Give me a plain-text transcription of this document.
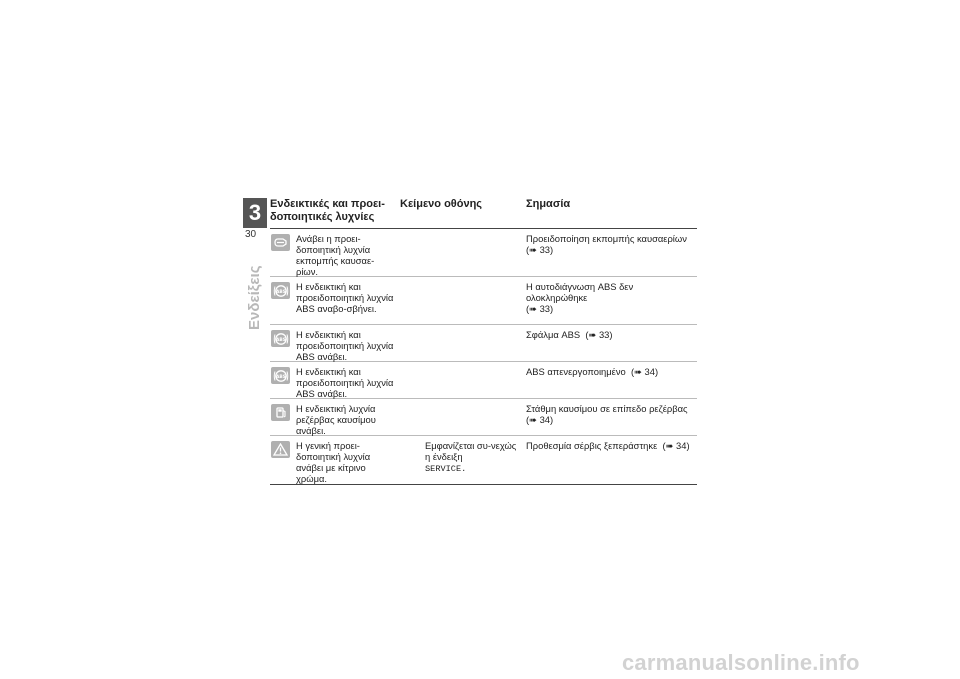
3
30
Ενδείξεις
Ενδεικτικές και προει-δοποιητικές λυχνίες
Κείμενο οθόνης	Σημασία
Ανάβει η προει-δοποιητική λυχνία εκπομπής καυσαε-ρίων.
Προειδοποίηση εκπομπής καυσαερίων
(➠ 33)
ABS Η ενδεικτική και προειδοποιητική λυχνία ABS αναβο-σβήνει.
Η αυτοδιάγνωση ABS δεν ολοκληρώθηκε
(➠ 33)
ABS Η ενδεικτική και προειδοποιητική λυχνία ABS ανάβει.
Σφάλμα ABS (➠ 33)
ABS Η ενδεικτική και προειδοποιητική λυχνία ABS ανάβει.
ABS απενεργοποιημένο (➠ 34)
Η ενδεικτική λυχνία ρεζέρβας καυσίμου ανάβει.
Στάθμη καυσίμου σε επίπεδο ρεζέρβας
(➠ 34)
Η γενική προει-δοποιητική λυχνία ανάβει με κίτρινο χρώμα.
Εμφανίζεται συ-νεχώς η ένδειξη
SERVICE.
Προθεσμία σέρβις ξεπεράστηκε (➠ 34)
carmanualsonline.info
